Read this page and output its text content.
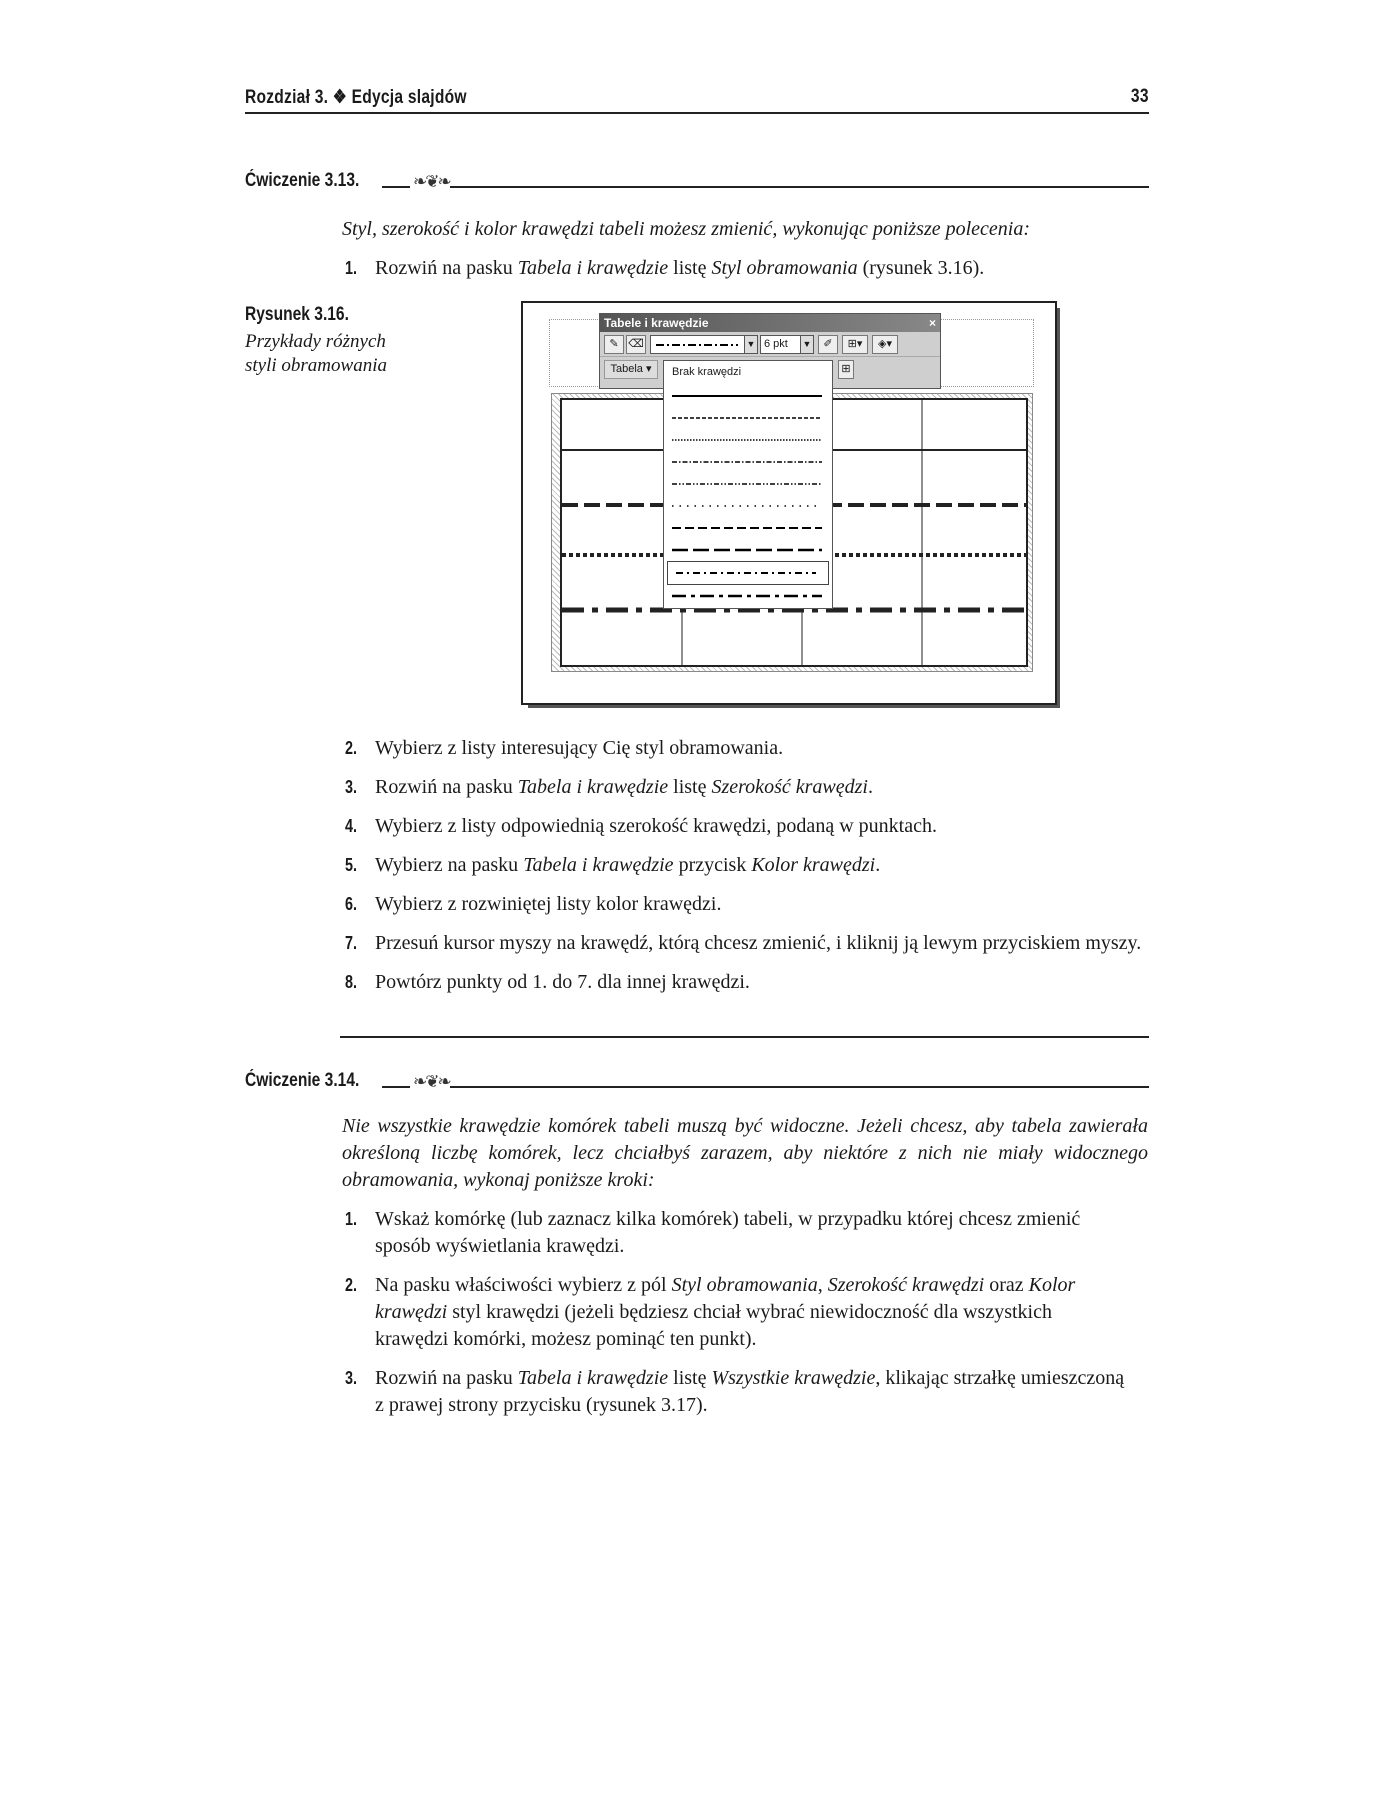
Rozdział 3. ❖ Edycja slajdów	33
Ćwiczenie 3.13.	❧❦❧
Styl, szerokość i kolor krawędzi tabeli możesz zmienić, wykonując poniższe polecenia:
1. Rozwiń na pasku Tabela i krawędzie listę Styl obramowania (rysunek 3.16).
Rysunek 3.16.
Przykłady różnych
styli obramowania
Tabele i krawędzie	×
✎ ⌫	▼ 6 pkt	▼	✐	⊞▾	◈▾
Tabela ▾	⊞
Brak krawędzi
2. Wybierz z listy interesujący Cię styl obramowania.
3. Rozwiń na pasku Tabela i krawędzie listę Szerokość krawędzi.
4. Wybierz z listy odpowiednią szerokość krawędzi, podaną w punktach.
5. Wybierz na pasku Tabela i krawędzie przycisk Kolor krawędzi.
6. Wybierz z rozwiniętej listy kolor krawędzi.
7. Przesuń kursor myszy na krawędź, którą chcesz zmienić, i kliknij ją lewym przyciskiem myszy.
8. Powtórz punkty od 1. do 7. dla innej krawędzi.
Ćwiczenie 3.14.	❧❦❧
Nie wszystkie krawędzie komórek tabeli muszą być widoczne. Jeżeli chcesz, aby tabela zawierała określoną liczbę komórek, lecz chciałbyś zarazem, aby niektóre z nich nie miały widocznego obramowania, wykonaj poniższe kroki:
1. Wskaż komórkę (lub zaznacz kilka komórek) tabeli, w przypadku której chcesz zmienić sposób wyświetlania krawędzi.
2. Na pasku właściwości wybierz z pól Styl obramowania, Szerokość krawędzi oraz Kolor krawędzi styl krawędzi (jeżeli będziesz chciał wybrać niewidoczność dla wszystkich krawędzi komórki, możesz pominąć ten punkt).
3. Rozwiń na pasku Tabela i krawędzie listę Wszystkie krawędzie, klikając strzałkę umieszczoną z prawej strony przycisku (rysunek 3.17).
